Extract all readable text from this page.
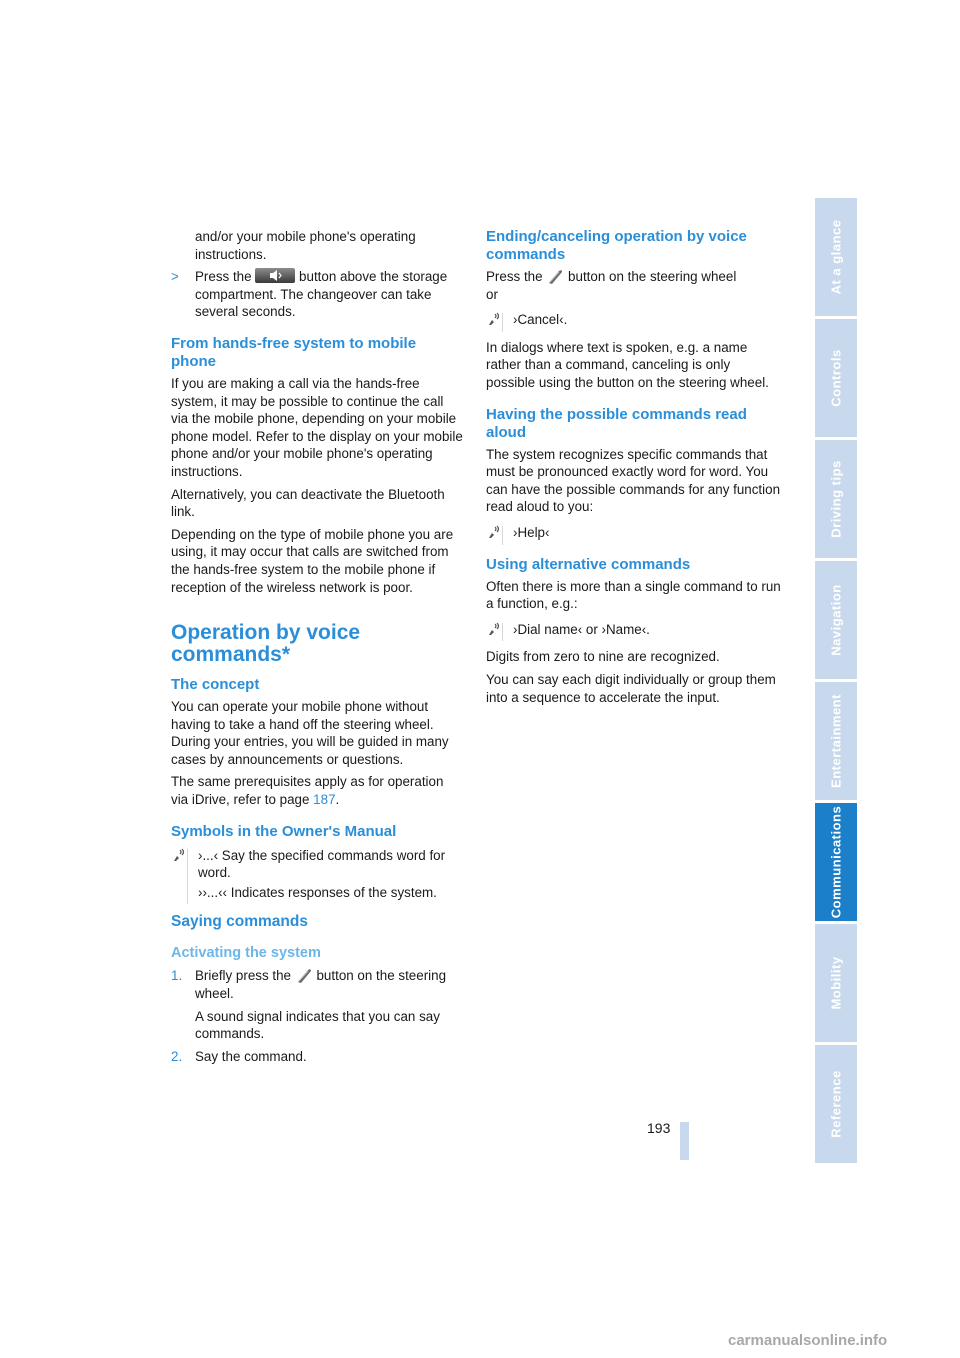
and/or your mobile phone's operating instructions.

> Press the	button above the storage compartment. The changeover can take several seconds.

From hands-free system to mobile phone

If you are making a call via the hands-free system, it may be possible to continue the call via the mobile phone, depending on your mobile phone model. Refer to the display on your mobile phone and/or your mobile phone's operating instructions.

Alternatively, you can deactivate the Bluetooth link.

Depending on the type of mobile phone you are using, it may occur that calls are switched from the hands-free system to the mobile phone if reception of the wireless network is poor.

Operation by voice commands*
The concept

You can operate your mobile phone without having to take a hand off the steering wheel. During your entries, you will be guided in many cases by announcements or questions.

The same prerequisites apply as for operation via iDrive, refer to page 187.

Symbols in the Owner's Manual

›...‹ Say the specified commands word for word.

››...‹‹ Indicates responses of the system.

Saying commands
Activating the system

1. Briefly press the button on the steering wheel.

A sound signal indicates that you can say commands.

2. Say the command.

Ending/canceling operation by voice commands

Press the button on the steering wheel
or

›Cancel‹.

In dialogs where text is spoken, e.g. a name rather than a command, canceling is only possible using the button on the steering wheel.

Having the possible commands read aloud

The system recognizes specific commands that must be pronounced exactly word for word. You can have the possible commands for any function read aloud to you:

›Help‹

Using alternative commands

Often there is more than a single command to run a function, e.g.:

›Dial name‹ or ›Name‹.

Digits from zero to nine are recognized.

You can say each digit individually or group them into a sequence to accelerate the input.

At a glance
Controls
Driving tips
Navigation
Entertainment
Communications
Mobility
Reference
193
carmanualsonline.info
